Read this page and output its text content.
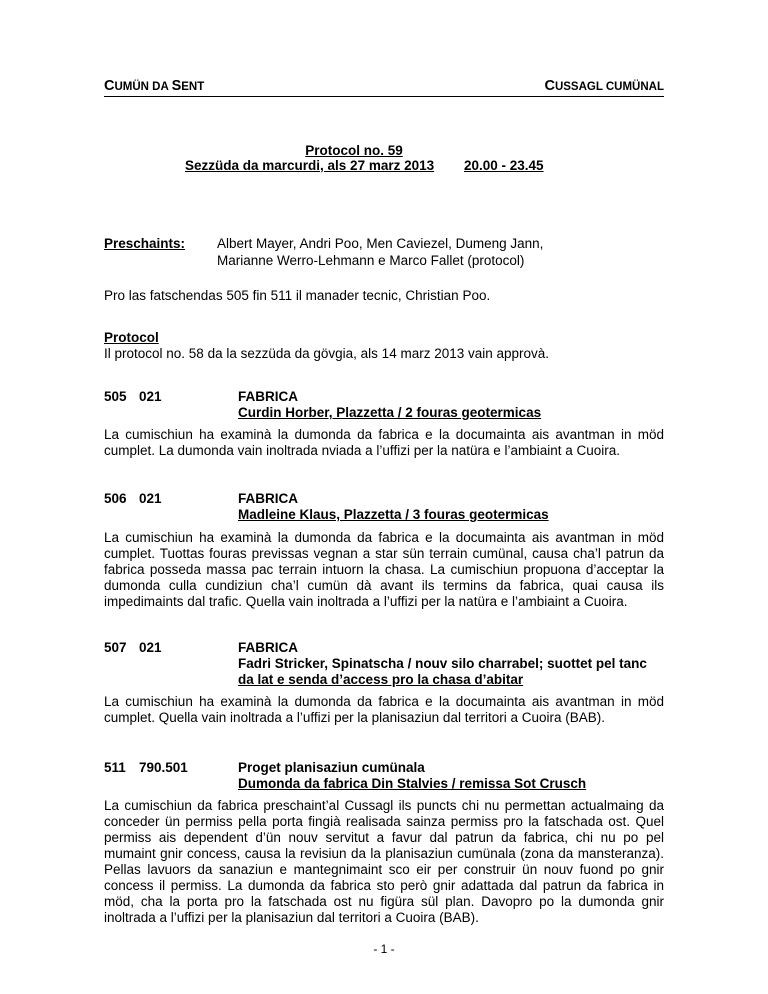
CUMÜN DA SENT	CUSSAGL CUMÜNAL
Protocol no. 59
Sezzüda da marcurdi, als 27 marz 2013 20.00 - 23.45
Preschaints: Albert Mayer, Andri Poo, Men Caviezel, Dumeng Jann,
Marianne Werro-Lehmann e Marco Fallet (protocol)
Pro las fatschendas 505 fin 511 il manader tecnic, Christian Poo.
Protocol
Il protocol no. 58 da la sezzüda da gövgia, als 14 marz 2013 vain approvà.
505 021	FABRICA
Curdin Horber, Plazzetta / 2 fouras geotermicas
La cumischiun ha examinà la dumonda da fabrica e la documainta ais avantman in möd
cumplet. La dumonda vain inoltrada nviada a l’uffizi per la natüra e l’ambiaint a Cuoira.
506 021	FABRICA
Madleine Klaus, Plazzetta / 3 fouras geotermicas
La cumischiun ha examinà la dumonda da fabrica e la documainta ais avantman in möd
cumplet. Tuottas fouras previssas vegnan a star sün terrain cumünal, causa cha’l patrun da
fabrica posseda massa pac terrain intuorn la chasa. La cumischiun propuona d’acceptar la
dumonda culla cundiziun cha’l cumün dà avant ils termins da fabrica, quai causa ils
impedimaints dal trafic. Quella vain inoltrada a l’uffizi per la natüra e l’ambiaint a Cuoira.
507 021	FABRICA
Fadri Stricker, Spinatscha / nouv silo charrabel; suottet pel tanc
da lat e senda d’access pro la chasa d’abitar
La cumischiun ha examinà la dumonda da fabrica e la documainta ais avantman in möd
cumplet. Quella vain inoltrada a l’uffizi per la planisaziun dal territori a Cuoira (BAB).
511 790.501	Proget planisaziun cumünala
Dumonda da fabrica Din Stalvies / remissa Sot Crusch
La cumischiun da fabrica preschaint’al Cussagl ils puncts chi nu permettan actualmaing da
conceder ün permiss pella porta fingià realisada sainza permiss pro la fatschada ost. Quel
permiss ais dependent d’ün nouv servitut a favur dal patrun da fabrica, chi nu po pel
mumaint gnir concess, causa la revisiun da la planisaziun cumünala (zona da mansteranza).
Pellas lavuors da sanaziun e mantegnimaint sco eir per construir ün nouv fuond po gnir
concess il permiss. La dumonda da fabrica sto però gnir adattada dal patrun da fabrica in
möd, cha la porta pro la fatschada ost nu figüra sül plan. Davopro po la dumonda gnir
inoltrada a l’uffizi per la planisaziun dal territori a Cuoira (BAB).
- 1 -
